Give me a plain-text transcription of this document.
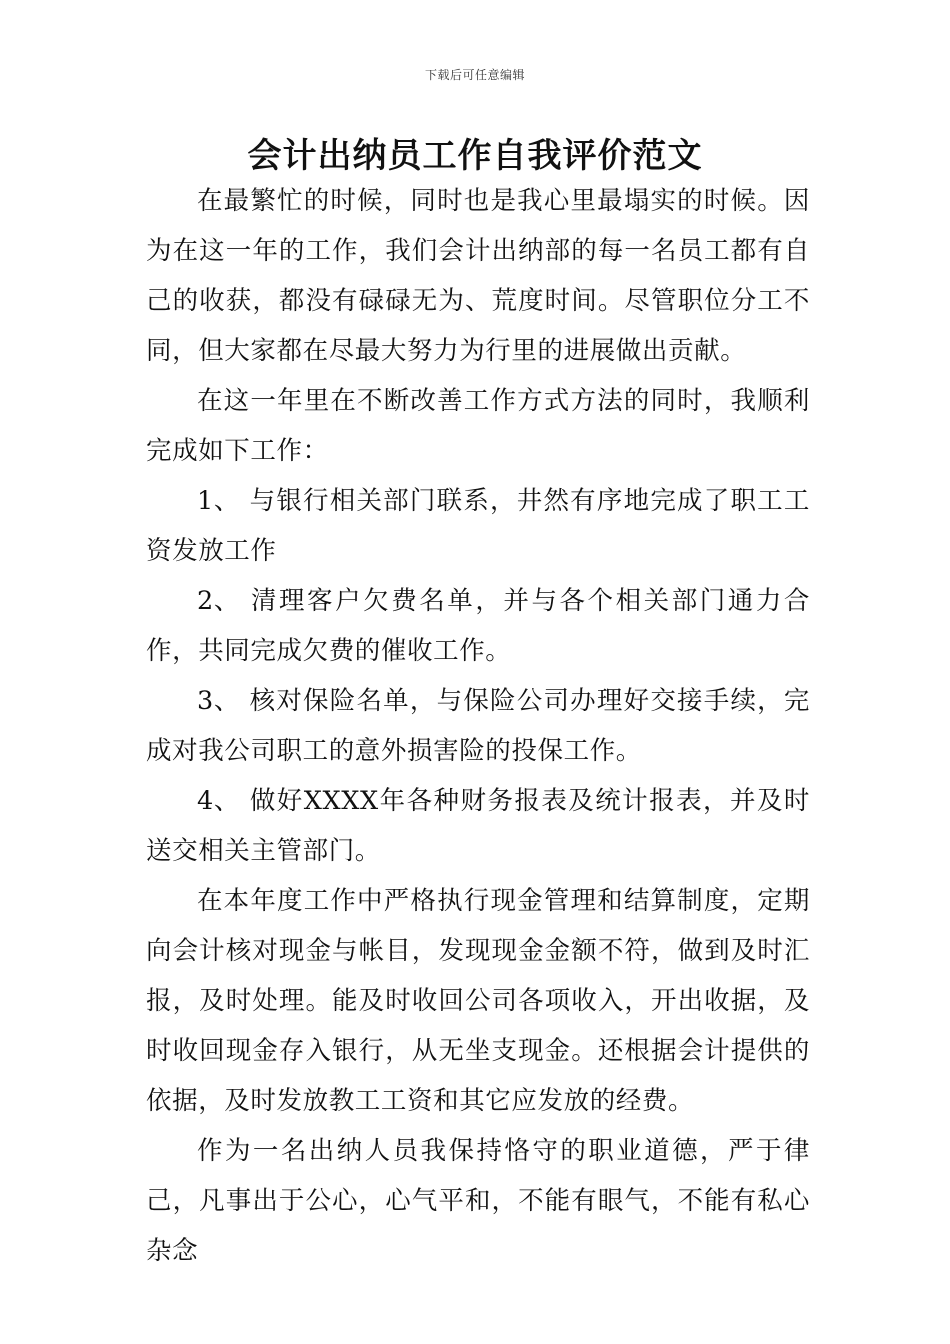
下载后可任意编辑
会计出纳员工作自我评价范文

在最繁忙的时候，同时也是我心里最塌实的时候。因为在这一年的工作，我们会计出纳部的每一名员工都有自己的收获，都没有碌碌无为、荒度时间。尽管职位分工不同，但大家都在尽最大努力为行里的进展做出贡献。

在这一年里在不断改善工作方式方法的同时，我顺利完成如下工作：

1、 与银行相关部门联系，井然有序地完成了职工工资发放工作

2、 清理客户欠费名单，并与各个相关部门通力合作，共同完成欠费的催收工作。

3、 核对保险名单，与保险公司办理好交接手续，完成对我公司职工的意外损害险的投保工作。

4、 做好XXXX年各种财务报表及统计报表，并及时送交相关主管部门。

在本年度工作中严格执行现金管理和结算制度，定期向会计核对现金与帐目，发现现金金额不符，做到及时汇报，及时处理。能及时收回公司各项收入，开出收据，及时收回现金存入银行，从无坐支现金。还根据会计提供的依据，及时发放教工工资和其它应发放的经费。

作为一名出纳人员我保持恪守的职业道德，严于律己，凡事出于公心，心气平和，不能有眼气，不能有私心杂念
